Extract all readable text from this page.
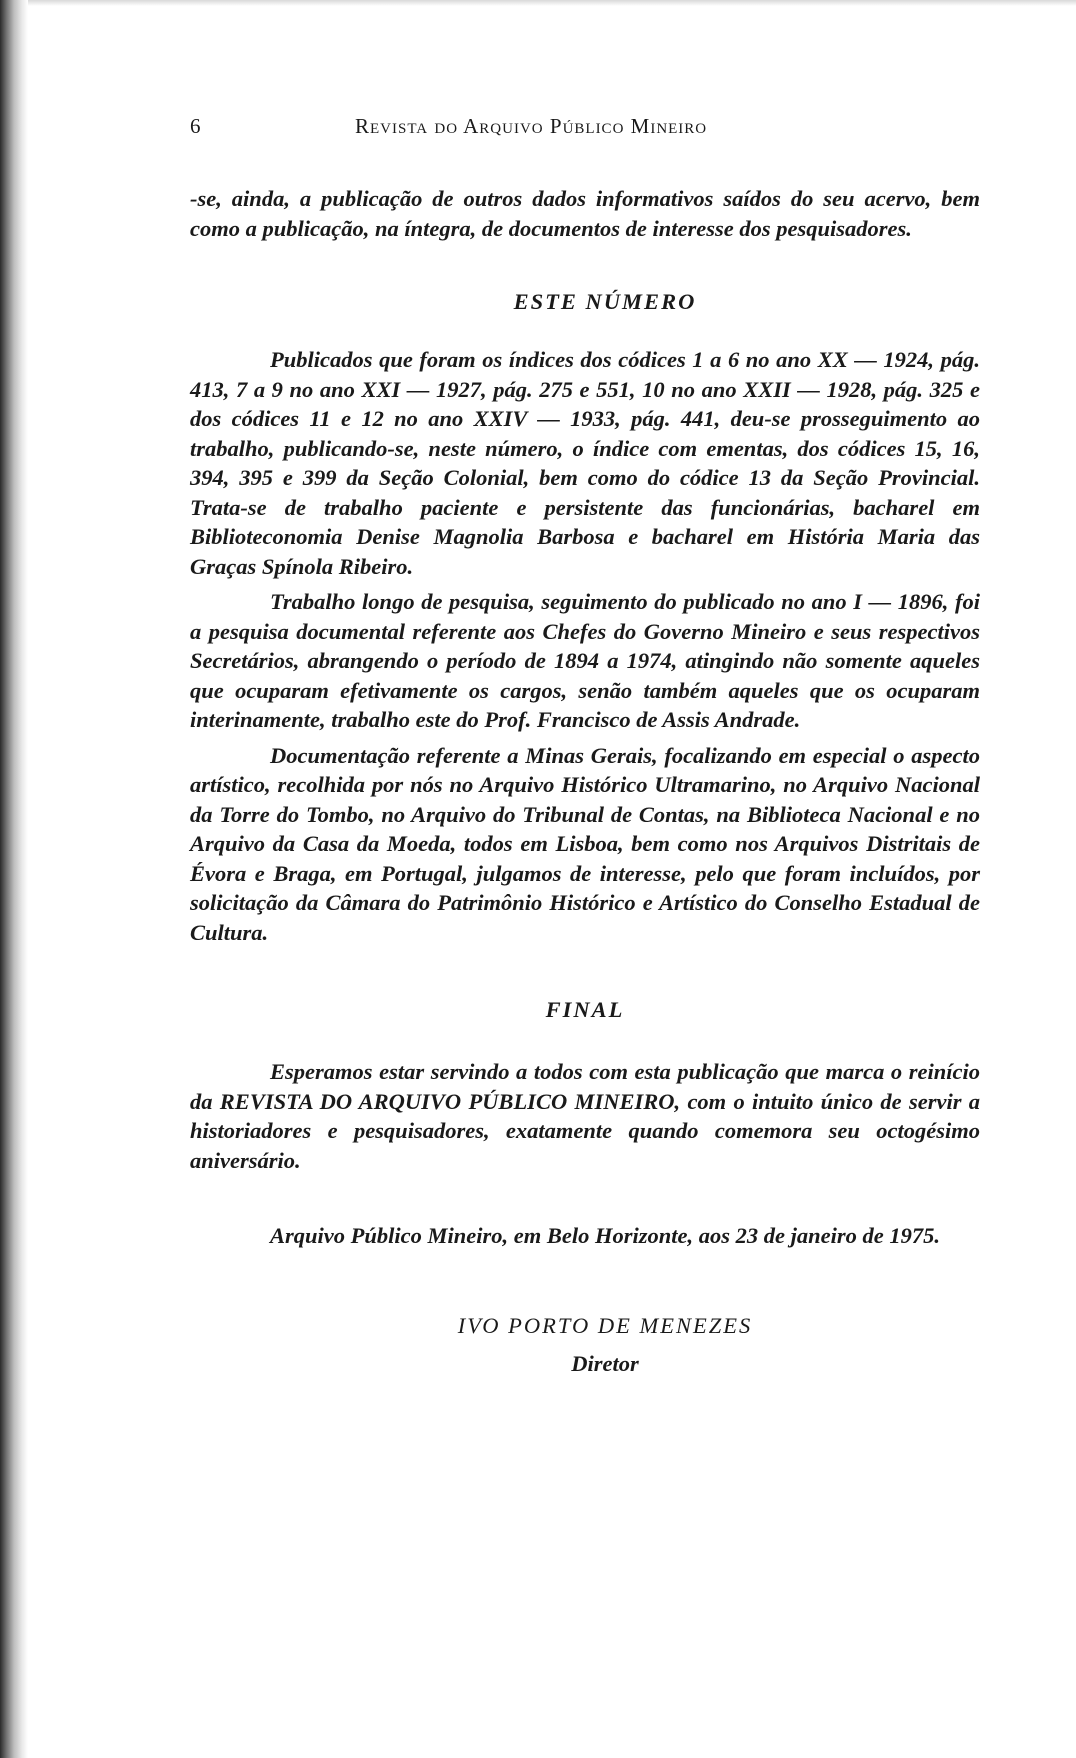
6	Revista do Arquivo Público Mineiro

-se, ainda, a publicação de outros dados informativos saídos do seu acervo, bem como a publicação, na íntegra, de documentos de interesse dos pesquisadores.

ESTE NÚMERO

Publicados que foram os índices dos códices 1 a 6 no ano XX — 1924, pág. 413, 7 a 9 no ano XXI — 1927, pág. 275 e 551, 10 no ano XXII — 1928, pág. 325 e dos códices 11 e 12 no ano XXIV — 1933, pág. 441, deu-se prosseguimento ao trabalho, publicando-se, neste número, o índice com ementas, dos códices 15, 16, 394, 395 e 399 da Seção Colonial, bem como do códice 13 da Seção Provincial. Trata-se de trabalho paciente e persistente das funcionárias, bacharel em Biblioteconomia Denise Magnolia Barbosa e bacharel em História Maria das Graças Spínola Ribeiro.

Trabalho longo de pesquisa, seguimento do publicado no ano I — 1896, foi a pesquisa documental referente aos Chefes do Governo Mineiro e seus respectivos Secretários, abrangendo o período de 1894 a 1974, atingindo não somente aqueles que ocuparam efetivamente os cargos, senão também aqueles que os ocuparam interinamente, trabalho este do Prof. Francisco de Assis Andrade.

Documentação referente a Minas Gerais, focalizando em especial o aspecto artístico, recolhida por nós no Arquivo Histórico Ultramarino, no Arquivo Nacional da Torre do Tombo, no Arquivo do Tribunal de Contas, na Biblioteca Nacional e no Arquivo da Casa da Moeda, todos em Lisboa, bem como nos Arquivos Distritais de Évora e Braga, em Portugal, julgamos de interesse, pelo que foram incluídos, por solicitação da Câmara do Patrimônio Histórico e Artístico do Conselho Estadual de Cultura.

FINAL

Esperamos estar servindo a todos com esta publicação que marca o reinício da REVISTA DO ARQUIVO PÚBLICO MINEIRO, com o intuito único de servir a historiadores e pesquisadores, exatamente quando comemora seu octogésimo aniversário.

Arquivo Público Mineiro, em Belo Horizonte, aos 23 de janeiro de 1975.

IVO PORTO DE MENEZES

Diretor
